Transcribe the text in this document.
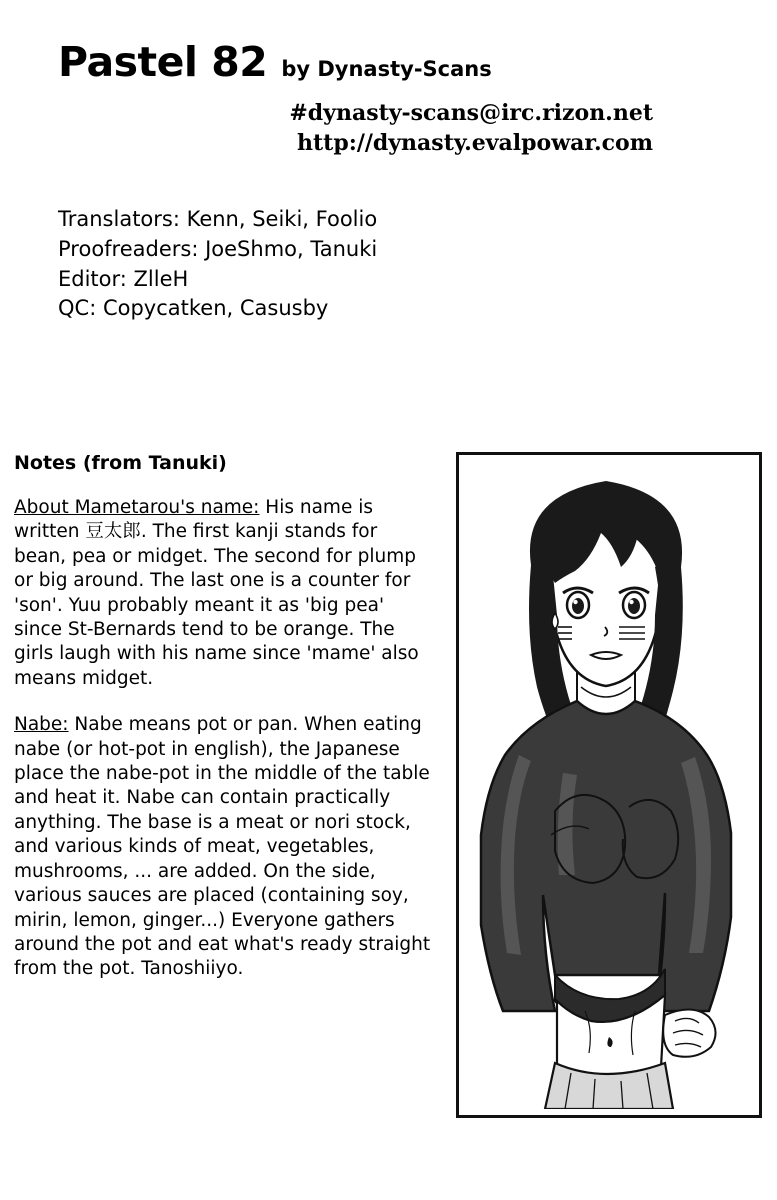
Pastel 82 by Dynasty-Scans
#dynasty-scans@irc.rizon.net
http://dynasty.evalpowar.com
Translators: Kenn, Seiki, Foolio
Proofreaders: JoeShmo, Tanuki
Editor: ZlleH
QC: Copycatken, Casusby
Notes (from Tanuki)
About Mametarou's name: His name is written 豆太郎. The first kanji stands for bean, pea or midget. The second for plump or big around. The last one is a counter for 'son'. Yuu probably meant it as 'big pea' since St-Bernards tend to be orange. The girls laugh with his name since 'mame' also means midget.
Nabe: Nabe means pot or pan. When eating nabe (or hot-pot in english), the Japanese place the nabe-pot in the middle of the table and heat it. Nabe can contain practically anything. The base is a meat or nori stock, and various kinds of meat, vegetables, mushrooms, ... are added. On the side, various sauces are placed (containing soy, mirin, lemon, ginger...) Everyone gathers around the pot and eat what's ready straight from the pot. Tanoshiiyo.
